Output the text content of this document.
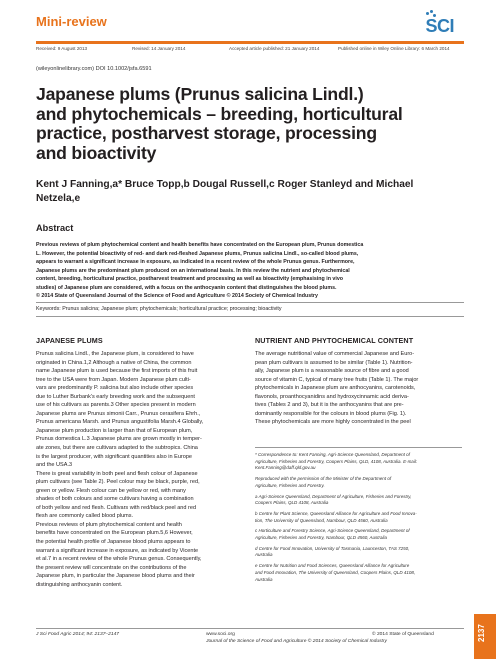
Mini-review	SCI
Received: 9 August 2013	Revised: 14 January 2014	Accepted article published: 21 January 2014	Published online in Wiley Online Library: 6 March 2014
(wileyonlinelibrary.com) DOI 10.1002/jsfa.6591
Japanese plums (Prunus salicina Lindl.)
and phytochemicals – breeding, horticultural
practice, postharvest storage, processing
and bioactivity
Kent J Fanning,a* Bruce Topp,b Dougal Russell,c Roger Stanleyd and Michael
Netzela,e
Abstract
Previous reviews of plum phytochemical content and health benefits have concentrated on the European plum, Prunus domestica
L. However, the potential bioactivity of red- and dark red-fleshed Japanese plums, Prunus salicina Lindl., so-called blood plums,
appears to warrant a significant increase in exposure, as indicated in a recent review of the whole Prunus genus. Furthermore,
Japanese plums are the predominant plum produced on an international basis. In this review the nutrient and phytochemical
content, breeding, horticultural practice, postharvest treatment and processing as well as bioactivity (emphasising in vivo
studies) of Japanese plum are considered, with a focus on the anthocyanin content that distinguishes the blood plums.
© 2014 State of Queensland Journal of the Science of Food and Agriculture © 2014 Society of Chemical Industry
Keywords: Prunus salicina; Japanese plum; phytochemicals; horticultural practice; processing; bioactivity
JAPANESE PLUMS
Prunus salicina Lindl., the Japanese plum, is considered to have
originated in China.1,2 Although a native of China, the common
name Japanese plum is used because the first imports of this fruit
tree to the USA were from Japan. Modern Japanese plum culti-
vars are predominantly P. salicina but also include other species
due to Luther Burbank's early breeding work and the subsequent
use of his cultivars as parents.3 Other species present in modern
Japanese plums are Prunus simonii Carr., Prunus cerasifera Ehrh.,
Prunus americana Marsh. and Prunus angustifolia Marsh.4 Globally,
Japanese plum production is larger than that of European plum,
Prunus domestica L.3 Japanese plums are grown mostly in temper-
ate zones, but there are cultivars adapted to the subtropics. China
is the largest producer, with significant quantities also in Europe
and the USA.3
There is great variability in both peel and flesh colour of Japanese
plum cultivars (see Table 2). Peel colour may be black, purple, red,
green or yellow. Flesh colour can be yellow or red, with many
shades of both colours and some cultivars having a combination
of both yellow and red flesh. Cultivars with red/black peel and red
flesh are commonly called blood plums.
Previous reviews of plum phytochemical content and health
benefits have concentrated on the European plum.5,6 However,
the potential health profile of Japanese blood plums appears to
warrant a significant increase in exposure, as indicated by Vicente
et al.7 in a recent review of the whole Prunus genus. Consequently,
the present review will concentrate on the contributions of the
Japanese plum, in particular the Japanese blood plums and their
distinguishing anthocyanin content.
NUTRIENT AND PHYTOCHEMICAL CONTENT
The average nutritional value of commercial Japanese and Euro-
pean plum cultivars is assumed to be similar (Table 1). Nutrition-
ally, Japanese plum is a reasonable source of fibre and a good
source of vitamin C, typical of many tree fruits (Table 1). The major
phytochemicals in Japanese plum are anthocyanins, carotenoids,
flavonols, proanthocyanidins and hydroxycinnamic acid deriva-
tives (Tables 2 and 3), but it is the anthocyanins that are pre-
dominantly responsible for the colours in blood plums (Fig. 1).
These phytochemicals are more highly concentrated in the peel
* Correspondence to: Kent Fanning, Agri-Science Queensland, Department of
Agriculture, Fisheries and Forestry, Coopers Plains, QLD, 4108, Australia. E-mail:
Kent.Fanning@daff.qld.gov.au
Reproduced with the permission of the Minister of the Department of
Agriculture, Fisheries and Forestry.
a Agri-Science Queensland, Department of Agriculture, Fisheries and Forestry,
Coopers Plains, QLD 4108, Australia
b Centre for Plant Science, Queensland Alliance for Agriculture and Food Innova-
tion, The University of Queensland, Nambour, QLD 4560, Australia
c Horticulture and Forestry Science, Agri-Science Queensland, Department of
Agriculture, Fisheries and Forestry, Nambour, QLD 4560, Australia
d Centre for Food Innovation, University of Tasmania, Launceston, TAS 7250,
Australia
e Centre for Nutrition and Food Sciences, Queensland Alliance for Agriculture
and Food Innovation, The University of Queensland, Coopers Plains, QLD 4108,
Australia
J Sci Food Agric 2014; 94: 2137–2147	www.soci.org
Journal of the Science of Food and Agriculture © 2014 Society of Chemical Industry
© 2014 State of Queensland	2137
